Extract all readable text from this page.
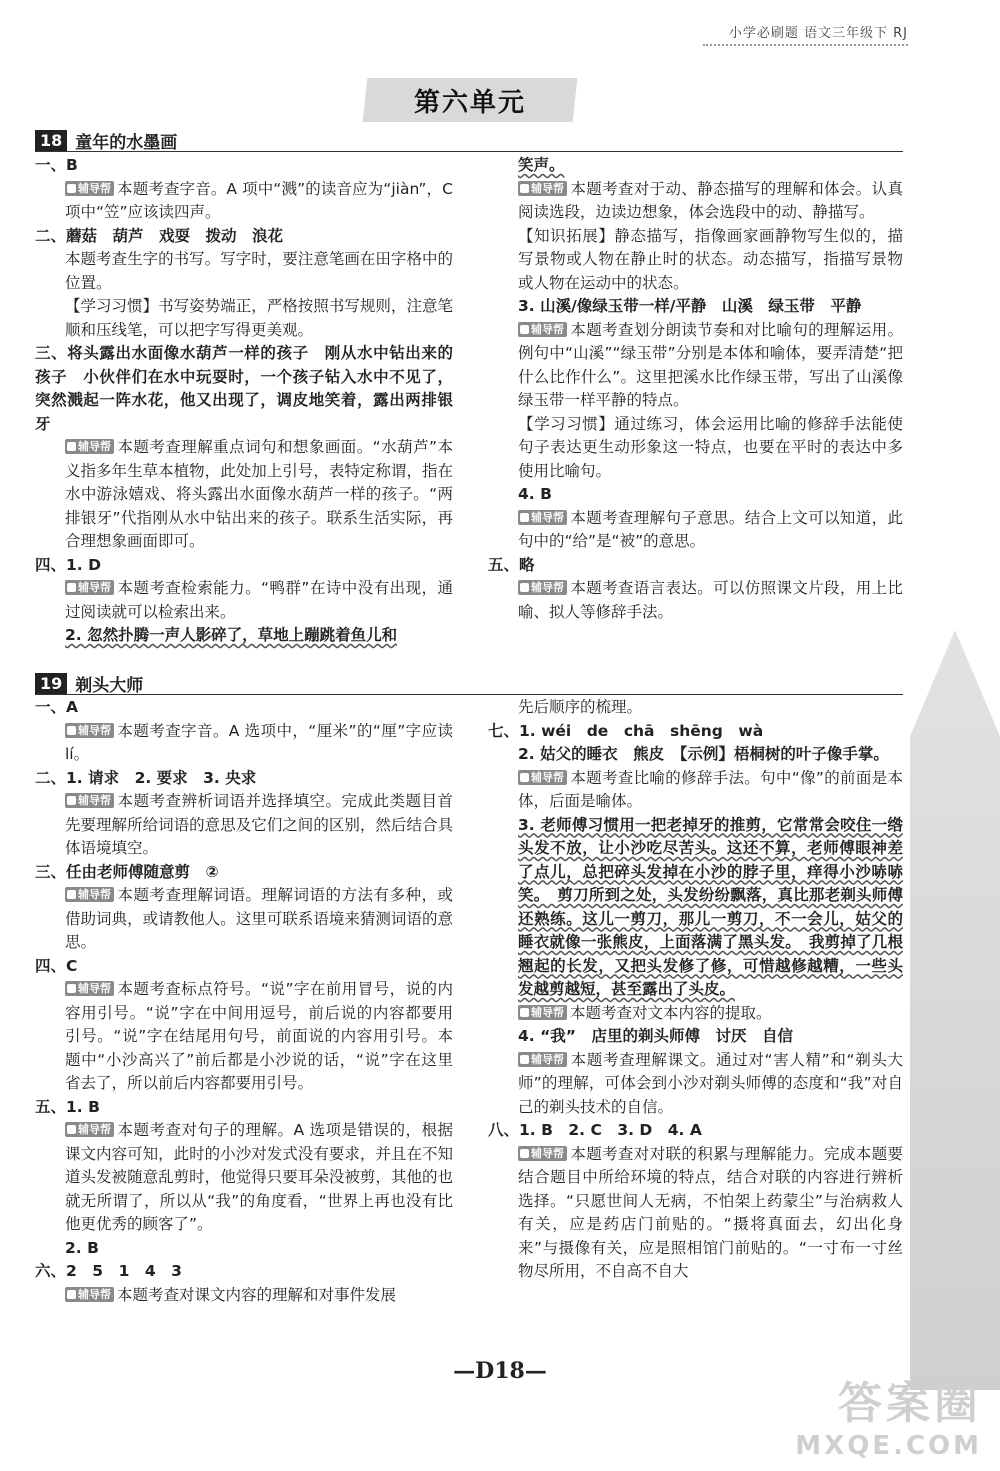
小学必刷题 语文三年级下 RJ
第六单元
18 童年的水墨画

一、B

辅导帮 本题考查字音。A 项中“溅”的读音应为“jiàn”，C 项中“笠”应该读四声。

二、蘑菇　葫芦　戏耍　拨动　浪花

本题考查生字的书写。写字时，要注意笔画在田字格中的位置。

【学习习惯】书写姿势端正，严格按照书写规则，注意笔顺和压线笔，可以把字写得更美观。

三、将头露出水面像水葫芦一样的孩子　刚从水中钻出来的孩子　小伙伴们在水中玩耍时，一个孩子钻入水中不见了，突然溅起一阵水花，他又出现了，调皮地笑着，露出两排银牙

辅导帮 本题考查理解重点词句和想象画面。“水葫芦”本义指多年生草本植物，此处加上引号，表特定称谓，指在水中游泳嬉戏、将头露出水面像水葫芦一样的孩子。“两排银牙”代指刚从水中钻出来的孩子。联系生活实际，再合理想象画面即可。

四、1. D

辅导帮 本题考查检索能力。“鸭群”在诗中没有出现，通过阅读就可以检索出来。

2. 忽然扑腾一声人影碎了，草地上蹦跳着鱼儿和

笑声。

辅导帮 本题考查对于动、静态描写的理解和体会。认真阅读选段，边读边想象，体会选段中的动、静描写。

【知识拓展】静态描写，指像画家画静物写生似的，描写景物或人物在静止时的状态。动态描写，指描写景物或人物在运动中的状态。

3. 山溪/像绿玉带一样/平静　山溪　绿玉带　平静

辅导帮 本题考查划分朗读节奏和对比喻句的理解运用。例句中“山溪”“绿玉带”分别是本体和喻体，要弄清楚“把什么比作什么”。这里把溪水比作绿玉带，写出了山溪像绿玉带一样平静的特点。

【学习习惯】通过练习，体会运用比喻的修辞手法能使句子表达更生动形象这一特点，也要在平时的表达中多使用比喻句。

4. B

辅导帮 本题考查理解句子意思。结合上文可以知道，此句中的“给”是“被”的意思。

五、略

辅导帮 本题考查语言表达。可以仿照课文片段，用上比喻、拟人等修辞手法。

19 剃头大师

一、A

辅导帮 本题考查字音。A 选项中，“厘米”的“厘”字应读 lí。

二、1. 请求　2. 要求　3. 央求

辅导帮 本题考查辨析词语并选择填空。完成此类题目首先要理解所给词语的意思及它们之间的区别，然后结合具体语境填空。

三、任由老师傅随意剪　②

辅导帮 本题考查理解词语。理解词语的方法有多种，或借助词典，或请教他人。这里可联系语境来猜测词语的意思。

四、C

辅导帮 本题考查标点符号。“说”字在前用冒号，说的内容用引号。“说”字在中间用逗号，前后说的内容都要用引号。“说”字在结尾用句号，前面说的内容用引号。本题中“小沙高兴了”前后都是小沙说的话，“说”字在这里省去了，所以前后内容都要用引号。

五、1. B

辅导帮 本题考查对句子的理解。A 选项是错误的，根据课文内容可知，此时的小沙对发式没有要求，并且在不知道头发被随意乱剪时，他觉得只要耳朵没被剪，其他的也就无所谓了，所以从“我”的角度看，“世界上再也没有比他更优秀的顾客了”。

2. B

六、2　5　1　4　3

辅导帮 本题考查对课文内容的理解和对事件发展

先后顺序的梳理。

七、1. wéi　de　chā　shēng　wà

2. 姑父的睡衣　熊皮　【示例】梧桐树的叶子像手掌。

辅导帮 本题考查比喻的修辞手法。句中“像”的前面是本体，后面是喻体。

3. 老师傅习惯用一把老掉牙的推剪，它常常会咬住一绺头发不放，让小沙吃尽苦头。这还不算，老师傅眼神差了点儿，总把碎头发掉在小沙的脖子里，痒得小沙哧哧笑。　剪刀所到之处，头发纷纷飘落，真比那老剃头师傅还熟练。这儿一剪刀，那儿一剪刀，不一会儿，姑父的睡衣就像一张熊皮，上面落满了黑头发。　我剪掉了几根翘起的长发，又把头发修了修，可惜越修越糟，一些头发越剪越短，甚至露出了头皮。

辅导帮 本题考查对文本内容的提取。

4. “我”　店里的剃头师傅　讨厌　自信

辅导帮 本题考查理解课文。通过对“害人精”和“剃头大师”的理解，可体会到小沙对剃头师傅的态度和“我”对自己的剃头技术的自信。

八、1. B　2. C　3. D　4. A

辅导帮 本题考查对对联的积累与理解能力。完成本题要结合题目中所给环境的特点，结合对联的内容进行辨析选择。“只愿世间人无病，不怕架上药蒙尘”与治病救人有关，应是药店门前贴的。“摄将真面去，幻出化身来”与摄像有关，应是照相馆门前贴的。“一寸布一寸丝物尽所用，不自高不自大

—D18—
答案圈
MXQE.COM
